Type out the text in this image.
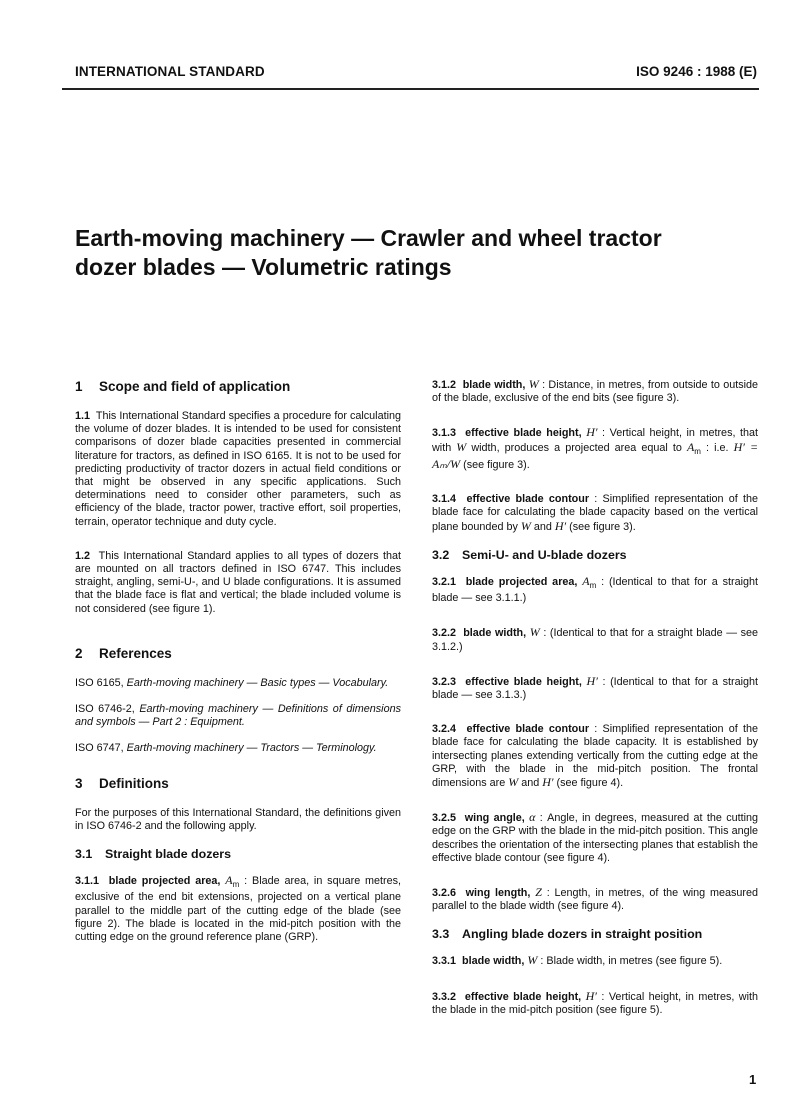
INTERNATIONAL STANDARD	ISO 9246 : 1988 (E)
Earth-moving machinery — Crawler and wheel tractor
dozer blades — Volumetric ratings
1 Scope and field of application

1.1 This International Standard specifies a procedure for calculating the volume of dozer blades. It is intended to be used for consistent comparisons of dozer blade capacities presented in commercial literature for tractors, as defined in ISO 6165. It is not to be used for predicting productivity of tractor dozers in actual field conditions or that might be observed in any specific applications. Such determinations need to consider other parameters, such as efficiency of the blade, tractor power, tractive effort, soil properties, terrain, operator technique and duty cycle.

1.2 This International Standard applies to all types of dozers that are mounted on all tractors defined in ISO 6747. This includes straight, angling, semi-U-, and U blade configurations. It is assumed that the blade face is flat and vertical; the blade included volume is not considered (see figure 1).

2 References

ISO 6165, Earth-moving machinery — Basic types — Vocabulary.

ISO 6746-2, Earth-moving machinery — Definitions of dimensions and symbols — Part 2 : Equipment.

ISO 6747, Earth-moving machinery — Tractors — Terminology.

3 Definitions

For the purposes of this International Standard, the definitions given in ISO 6746-2 and the following apply.

3.1 Straight blade dozers

3.1.1 blade projected area, $A_m$ : Blade area, in square metres, exclusive of the end bit extensions, projected on a vertical plane parallel to the middle part of the cutting edge of the blade (see figure 2). The blade is located in the mid-pitch position with the cutting edge on the ground reference plane (GRP).

3.1.2 blade width, W : Distance, in metres, from outside to outside of the blade, exclusive of the end bits (see figure 3).

3.1.3 effective blade height, H′ : Vertical height, in metres, that with W width, produces a projected area equal to $A_m$ : i.e. H′ = Aₘ/W (see figure 3).

3.1.4 effective blade contour : Simplified representation of the blade face for calculating the blade capacity based on the vertical plane bounded by W and H′ (see figure 3).

3.2 Semi-U- and U-blade dozers

3.2.1 blade projected area, $A_m$ : (Identical to that for a straight blade — see 3.1.1.)

3.2.2 blade width, W : (Identical to that for a straight blade — see 3.1.2.)

3.2.3 effective blade height, H′ : (Identical to that for a straight blade — see 3.1.3.)

3.2.4 effective blade contour : Simplified representation of the blade face for calculating the blade capacity. It is established by intersecting planes extending vertically from the cutting edge at the GRP, with the blade in the mid-pitch position. The frontal dimensions are W and H′ (see figure 4).

3.2.5 wing angle, α : Angle, in degrees, measured at the cutting edge on the GRP with the blade in the mid-pitch position. This angle describes the orientation of the intersecting planes that establish the effective blade contour (see figure 4).

3.2.6 wing length, Z : Length, in metres, of the wing measured parallel to the blade width (see figure 4).

3.3 Angling blade dozers in straight position

3.3.1 blade width, W : Blade width, in metres (see figure 5).

3.3.2 effective blade height, H′ : Vertical height, in metres, with the blade in the mid-pitch position (see figure 5).

1
